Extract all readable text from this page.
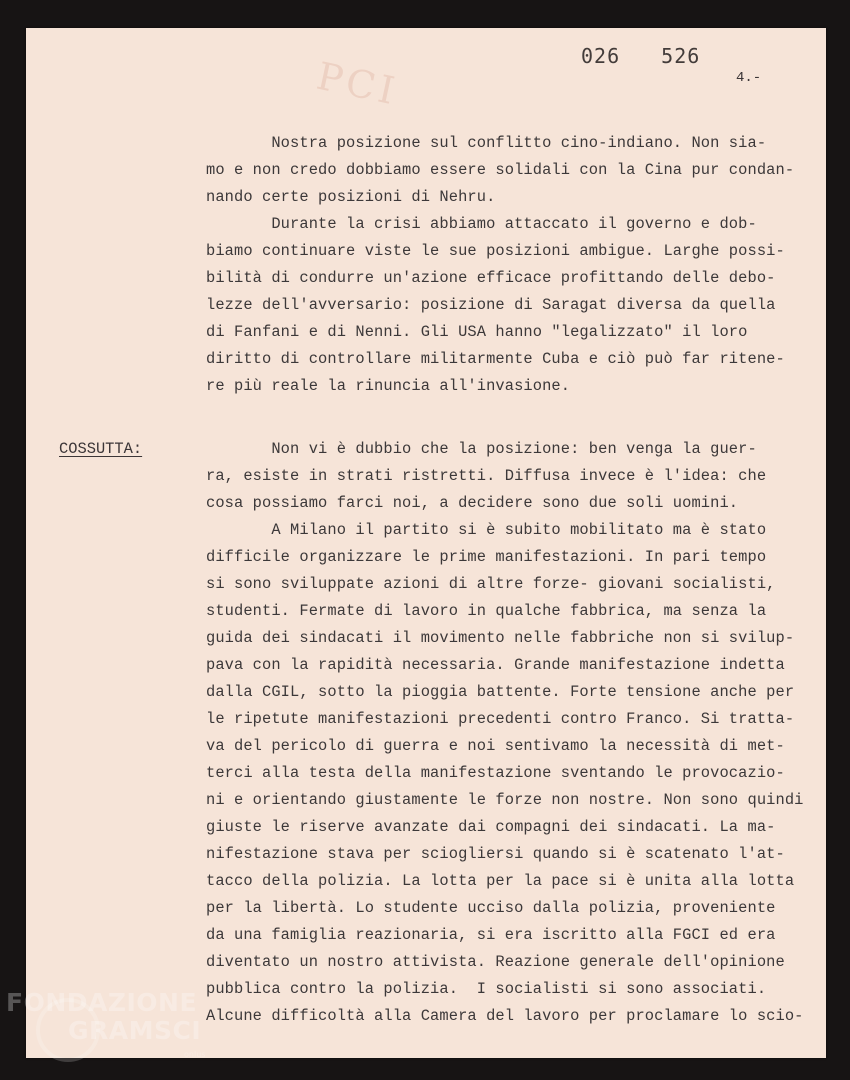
PCI	026 526
4.-
Nostra posizione sul conflitto cino-indiano. Non sia-
mo e non credo dobbiamo essere solidali con la Cina pur condan-
nando certe posizioni di Nehru.
Durante la crisi abbiamo attaccato il governo e dob-
biamo continuare viste le sue posizioni ambigue. Larghe possi-
bilità di condurre un'azione efficace profittando delle debo-
lezze dell'avversario: posizione di Saragat diversa da quella
di Fanfani e di Nenni. Gli USA hanno "legalizzato" il loro
diritto di controllare militarmente Cuba e ciò può far ritene-
re più reale la rinuncia all'invasione.
COSSUTTA:	Non vi è dubbio che la posizione: ben venga la guer-
ra, esiste in strati ristretti. Diffusa invece è l'idea: che
cosa possiamo farci noi, a decidere sono due soli uomini.
A Milano il partito si è subito mobilitato ma è stato
difficile organizzare le prime manifestazioni. In pari tempo
si sono sviluppate azioni di altre forze- giovani socialisti,
studenti. Fermate di lavoro in qualche fabbrica, ma senza la
guida dei sindacati il movimento nelle fabbriche non si svilup-
pava con la rapidità necessaria. Grande manifestazione indetta
dalla CGIL, sotto la pioggia battente. Forte tensione anche per
le ripetute manifestazioni precedenti contro Franco. Si tratta-
va del pericolo di guerra e noi sentivamo la necessità di met-
terci alla testa della manifestazione sventando le provocazio-
ni e orientando giustamente le forze non nostre. Non sono quindi
giuste le riserve avanzate dai compagni dei sindacati. La ma-
nifestazione stava per sciogliersi quando si è scatenato l'at-
tacco della polizia. La lotta per la pace si è unita alla lotta
per la libertà. Lo studente ucciso dalla polizia, proveniente
da una famiglia reazionaria, si era iscritto alla FGCI ed era
diventato un nostro attivista. Reazione generale dell'opinione
pubblica contro la polizia.  I socialisti si sono associati.
Alcune difficoltà alla Camera del lavoro per proclamare lo scio-
FONDAZIONE
GRAMSCI
onlus
